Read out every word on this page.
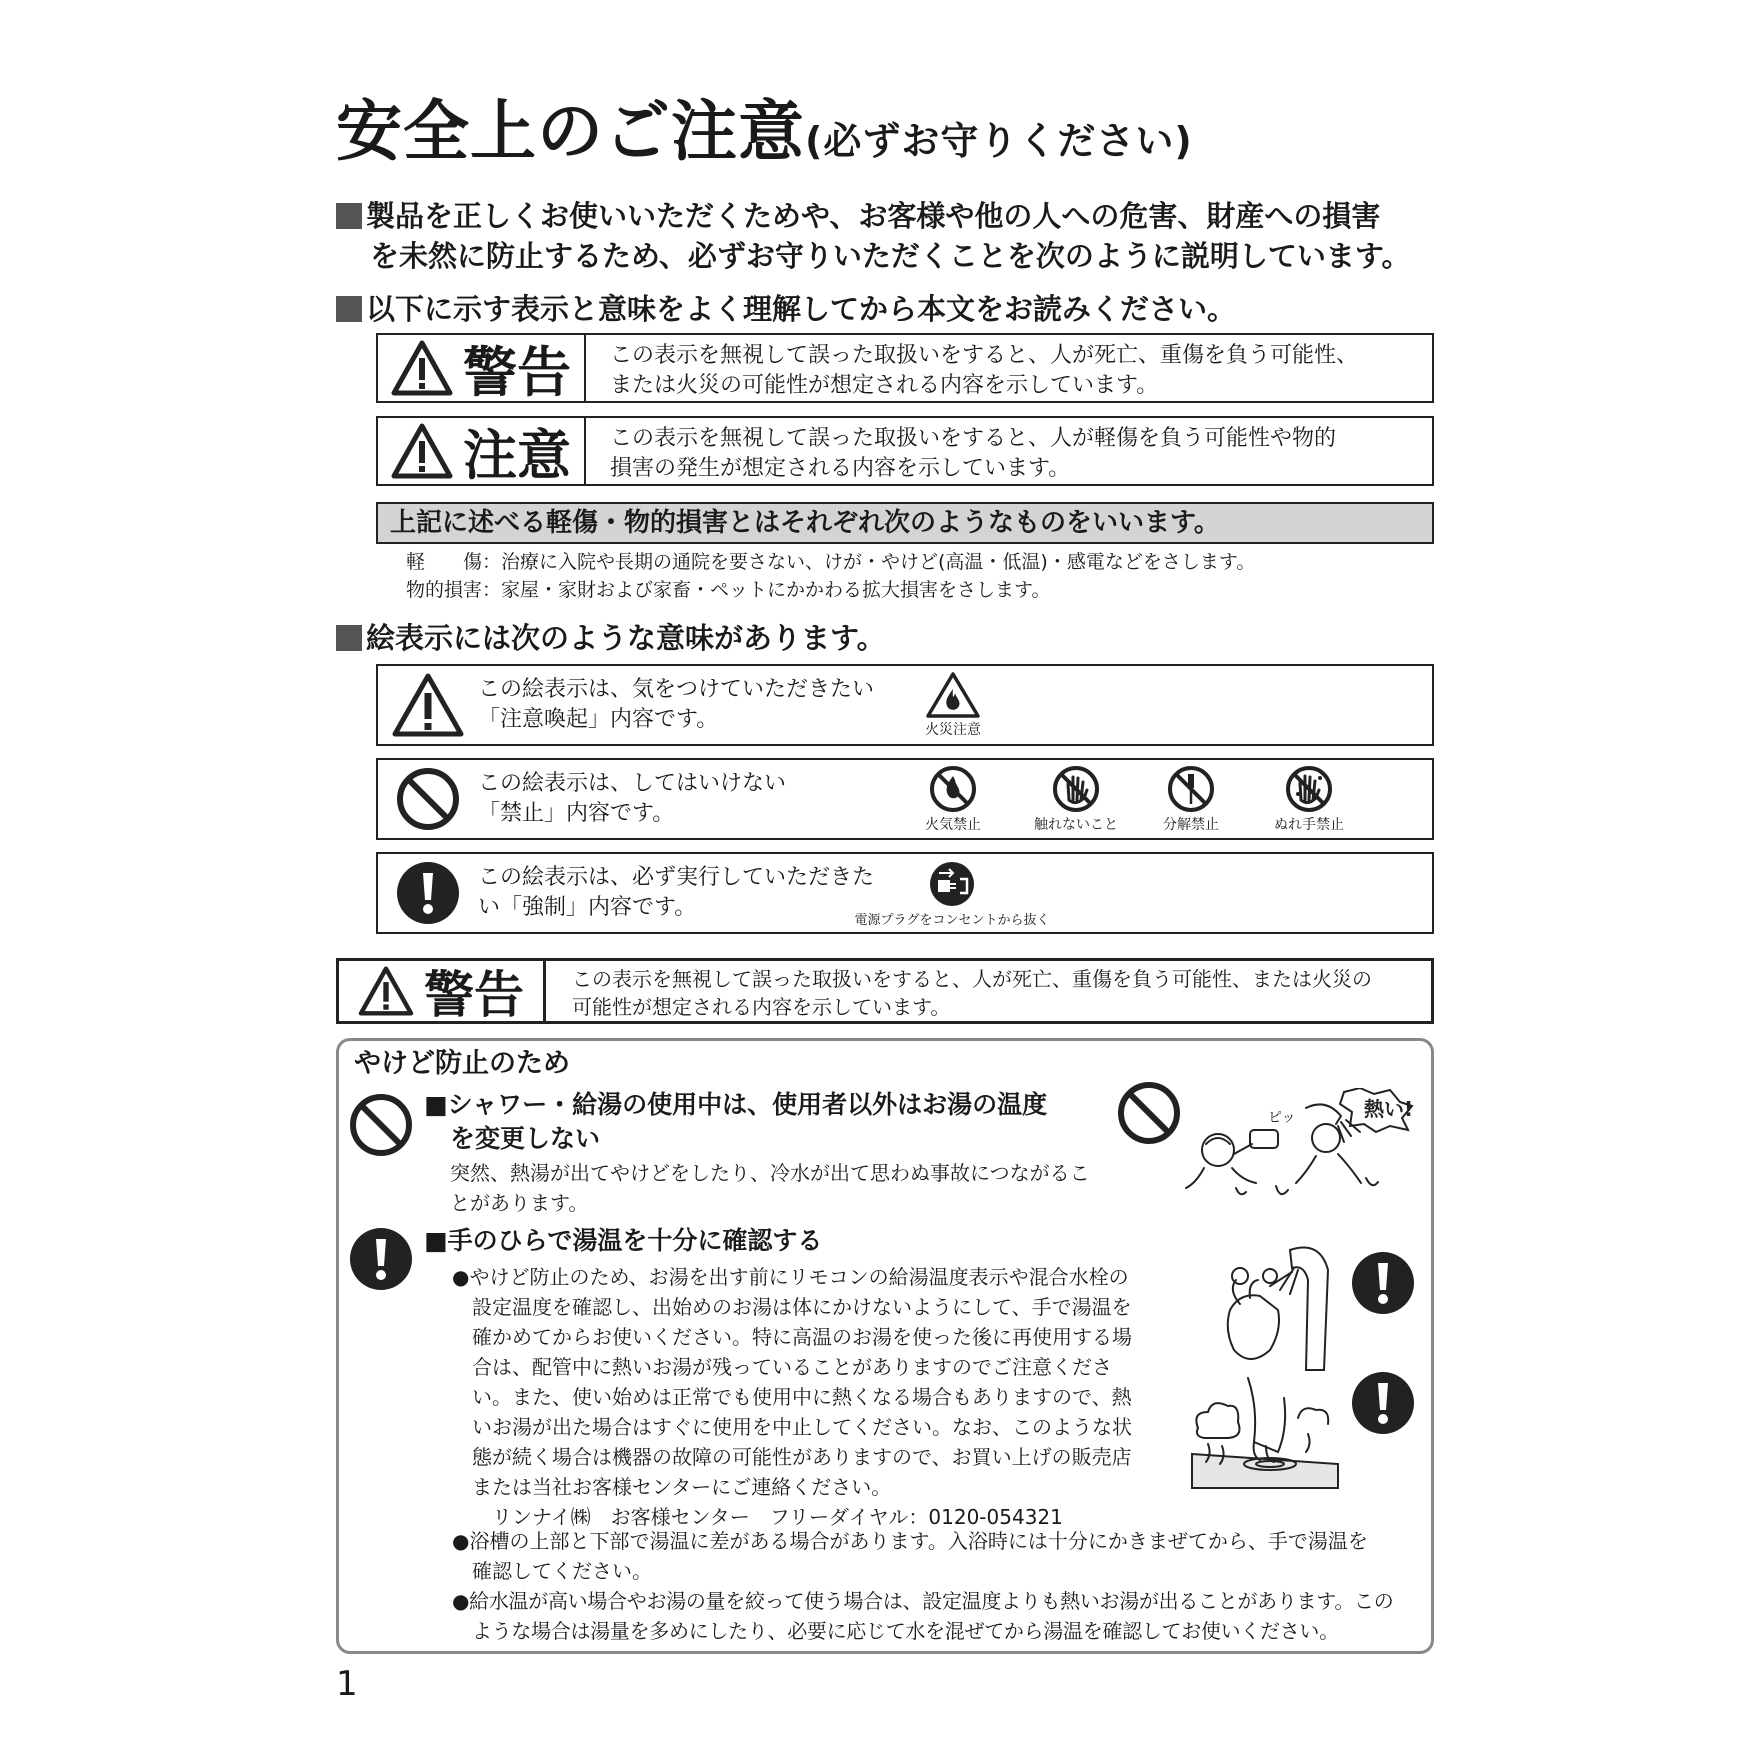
安全上のご注意(必ずお守りください)
製品を正しくお使いいただくためや、お客様や他の人への危害、財産への損害
を未然に防止するため、必ずお守りいただくことを次のように説明しています。
以下に示す表示と意味をよく理解してから本文をお読みください。
警告 この表示を無視して誤った取扱いをすると、人が死亡、重傷を負う可能性、
または火災の可能性が想定される内容を示しています。
注意 この表示を無視して誤った取扱いをすると、人が軽傷を負う可能性や物的
損害の発生が想定される内容を示しています。
上記に述べる軽傷・物的損害とはそれぞれ次のようなものをいいます。
軽　　傷：治療に入院や長期の通院を要さない、けが・やけど(高温・低温)・感電などをさします。
物的損害：家屋・家財および家畜・ペットにかかわる拡大損害をさします。
絵表示には次のような意味があります。
この絵表示は、気をつけていただきたい
「注意喚起」内容です。	火災注意
この絵表示は、してはいけない
「禁止」内容です。	火気禁止	触れないこと	分解禁止	ぬれ手禁止
この絵表示は、必ず実行していただきた
い「強制」内容です。	電源プラグをコンセントから抜く
警告 この表示を無視して誤った取扱いをすると、人が死亡、重傷を負う可能性、または火災の
可能性が想定される内容を示しています。
やけど防止のため
■シャワー・給湯の使用中は、使用者以外はお湯の温度
を変更しない
突然、熱湯が出てやけどをしたり、冷水が出て思わぬ事故につながるこ
とがあります。
ピッ	熱い!
■手のひらで湯温を十分に確認する
●やけど防止のため、お湯を出す前にリモコンの給湯温度表示や混合水栓の
設定温度を確認し、出始めのお湯は体にかけないようにして、手で湯温を
確かめてからお使いください。特に高温のお湯を使った後に再使用する場
合は、配管中に熱いお湯が残っていることがありますのでご注意くださ
い。また、使い始めは正常でも使用中に熱くなる場合もありますので、熱
いお湯が出た場合はすぐに使用を中止してください。なお、このような状
態が続く場合は機器の故障の可能性がありますので、お買い上げの販売店
または当社お客様センターにご連絡ください。
リンナイ㈱　お客様センター　フリーダイヤル：0120-054321
●浴槽の上部と下部で湯温に差がある場合があります。入浴時には十分にかきまぜてから、手で湯温を
確認してください。
●給水温が高い場合やお湯の量を絞って使う場合は、設定温度よりも熱いお湯が出ることがあります。この
ような場合は湯量を多めにしたり、必要に応じて水を混ぜてから湯温を確認してお使いください。
1
